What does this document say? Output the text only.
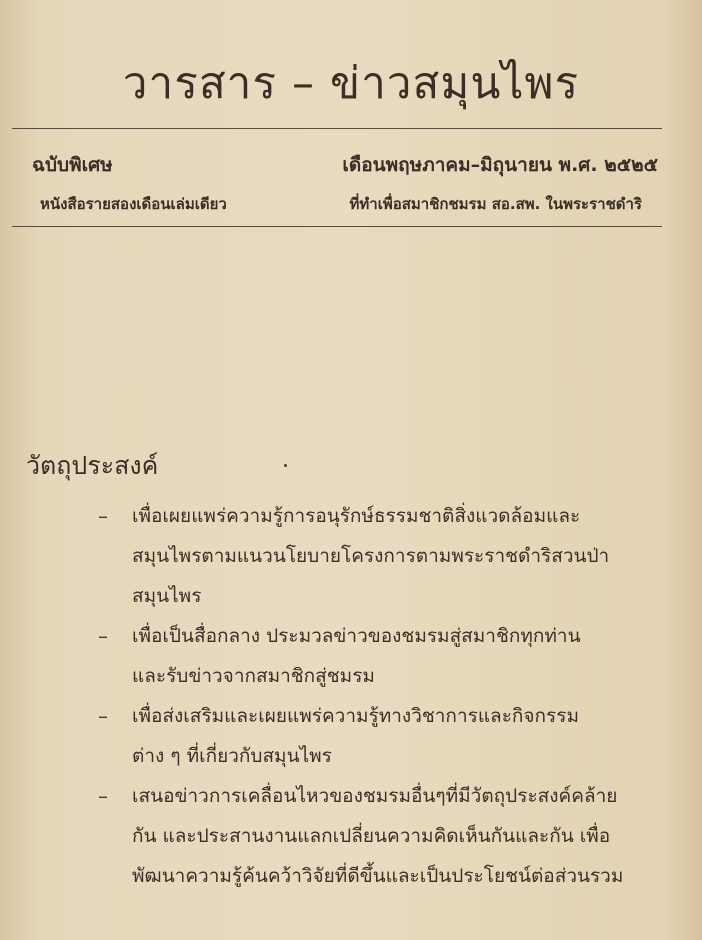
วารสาร – ข่าวสมุนไพร
ฉบับพิเศษ	เดือนพฤษภาคม–มิถุนายน พ.ศ. ๒๕๒๕
หนังสือรายสองเดือนเล่มเดียว	ที่ทำเพื่อสมาชิกชมรม สอ.สพ. ในพระราชดำริ
วัตถุประสงค์
– เพื่อเผยแพร่ความรู้การอนุรักษ์ธรรมชาติสิ่งแวดล้อมและ
สมุนไพรตามแนวนโยบายโครงการตามพระราชดำริสวนป่า
สมุนไพร
– เพื่อเป็นสื่อกลาง ประมวลข่าวของชมรมสู่สมาชิกทุกท่าน
และรับข่าวจากสมาชิกสู่ชมรม
– เพื่อส่งเสริมและเผยแพร่ความรู้ทางวิชาการและกิจกรรม
ต่าง ๆ ที่เกี่ยวกับสมุนไพร
– เสนอข่าวการเคลื่อนไหวของชมรมอื่นๆที่มีวัตถุประสงค์คล้าย
กัน และประสานงานแลกเปลี่ยนความคิดเห็นกันและกัน เพื่อ
พัฒนาความรู้ค้นคว้าวิจัยที่ดีขึ้นและเป็นประโยชน์ต่อส่วนรวม
